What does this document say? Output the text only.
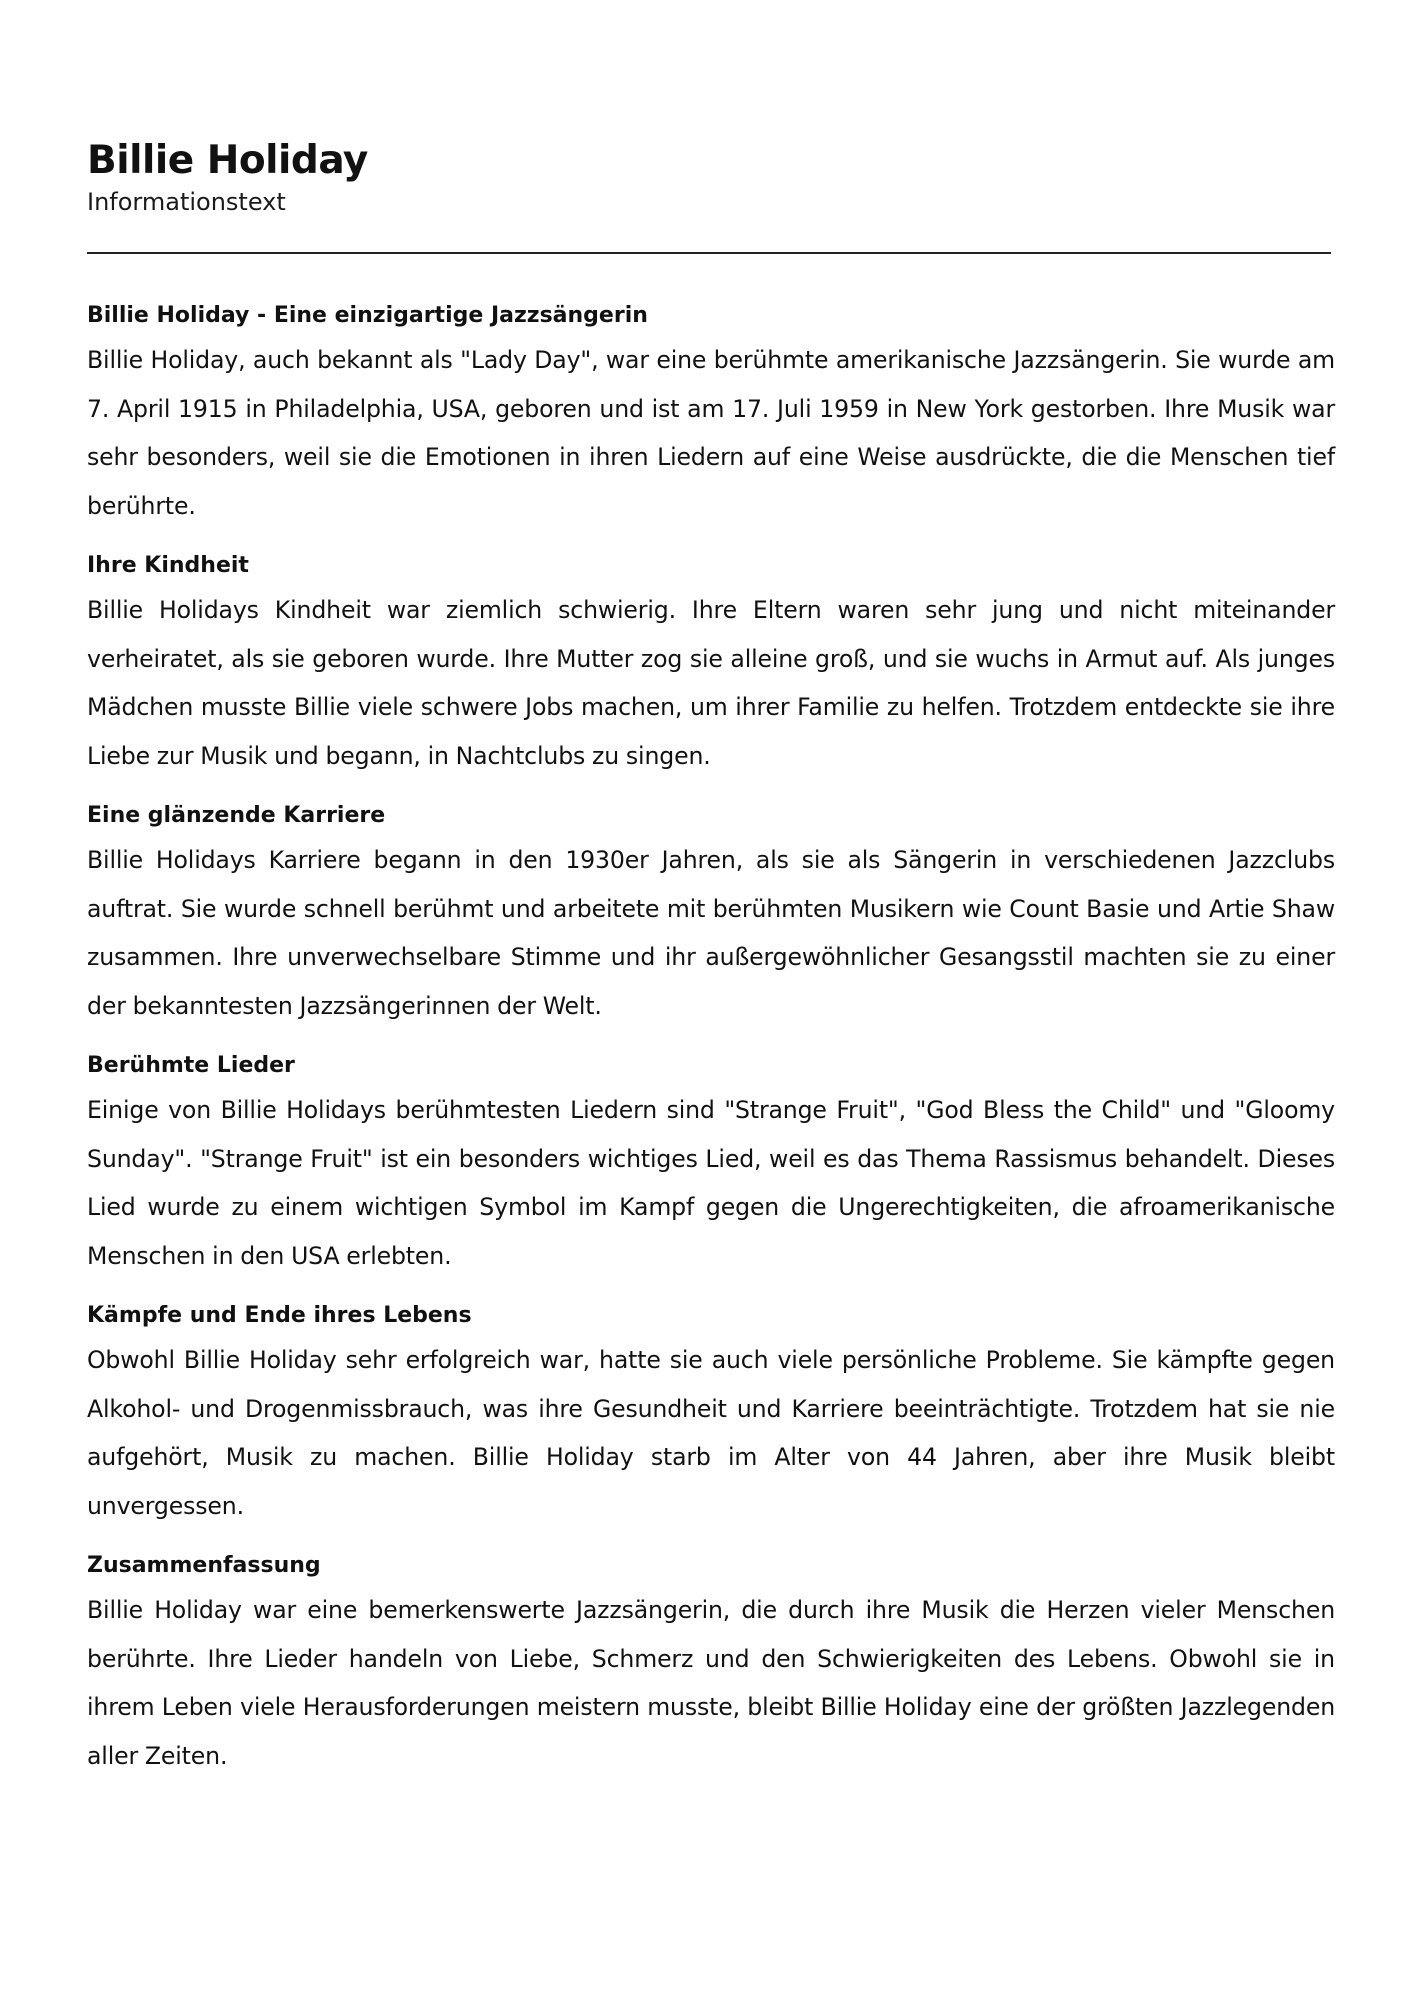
Billie Holiday

Informationstext

Billie Holiday - Eine einzigartige Jazzsängerin

Billie Holiday, auch bekannt als "Lady Day", war eine berühmte amerikanische Jazzsängerin. Sie wurde am 7. April 1915 in Philadelphia, USA, geboren und ist am 17. Juli 1959 in New York gestorben. Ihre Musik war sehr besonders, weil sie die Emotionen in ihren Liedern auf eine Weise ausdrückte, die die Menschen tief berührte.

Ihre Kindheit

Billie Holidays Kindheit war ziemlich schwierig. Ihre Eltern waren sehr jung und nicht miteinander verheiratet, als sie geboren wurde. Ihre Mutter zog sie alleine groß, und sie wuchs in Armut auf. Als junges Mädchen musste Billie viele schwere Jobs machen, um ihrer Familie zu helfen. Trotzdem entdeckte sie ihre Liebe zur Musik und begann, in Nachtclubs zu singen.

Eine glänzende Karriere

Billie Holidays Karriere begann in den 1930er Jahren, als sie als Sängerin in verschiedenen Jazzclubs auftrat. Sie wurde schnell berühmt und arbeitete mit berühmten Musikern wie Count Basie und Artie Shaw zusammen. Ihre unverwechselbare Stimme und ihr außergewöhnlicher Gesangsstil machten sie zu einer der bekanntesten Jazzsängerinnen der Welt.

Berühmte Lieder

Einige von Billie Holidays berühmtesten Liedern sind "Strange Fruit", "God Bless the Child" und "Gloomy Sunday". "Strange Fruit" ist ein besonders wichtiges Lied, weil es das Thema Rassismus behandelt. Dieses Lied wurde zu einem wichtigen Symbol im Kampf gegen die Ungerechtigkeiten, die afroamerikanische Menschen in den USA erlebten.

Kämpfe und Ende ihres Lebens

Obwohl Billie Holiday sehr erfolgreich war, hatte sie auch viele persönliche Probleme. Sie kämpfte gegen Alkohol- und Drogenmissbrauch, was ihre Gesundheit und Karriere beeinträchtigte. Trotzdem hat sie nie aufgehört, Musik zu machen. Billie Holiday starb im Alter von 44 Jahren, aber ihre Musik bleibt unvergessen.

Zusammenfassung

Billie Holiday war eine bemerkenswerte Jazzsängerin, die durch ihre Musik die Herzen vieler Menschen berührte. Ihre Lieder handeln von Liebe, Schmerz und den Schwierigkeiten des Lebens. Obwohl sie in ihrem Leben viele Herausforderungen meistern musste, bleibt Billie Holiday eine der größten Jazzlegenden aller Zeiten.
